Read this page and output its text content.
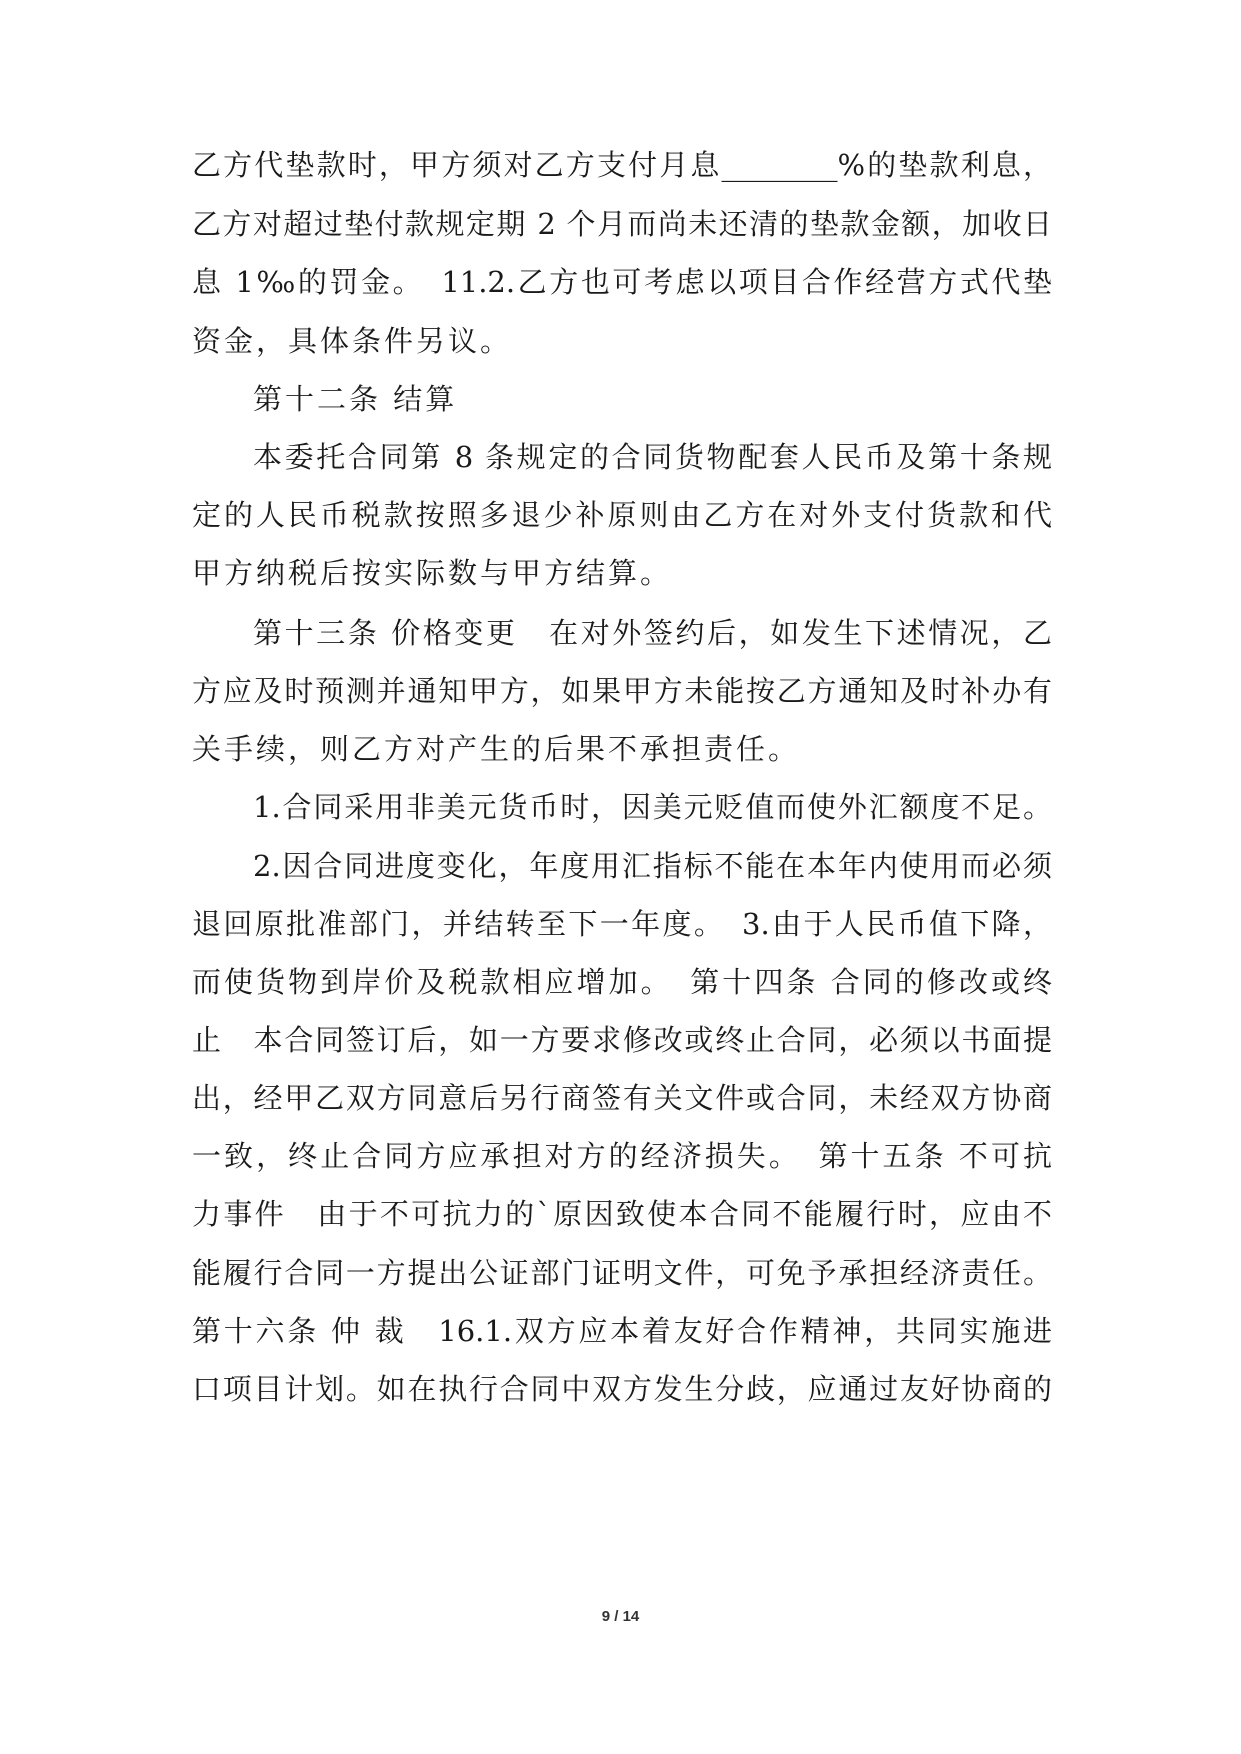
乙方代垫款时，甲方须对乙方支付月息________%的垫款利息，
乙方对超过垫付款规定期 2 个月而尚未还清的垫款金额，加收日
息 1‰的罚金。　11.2.乙方也可考虑以项目合作经营方式代垫
资金，具体条件另议。
第十二条 结算
本委托合同第 8 条规定的合同货物配套人民币及第十条规
定的人民币税款按照多退少补原则由乙方在对外支付货款和代
甲方纳税后按实际数与甲方结算。
第十三条 价格变更　在对外签约后，如发生下述情况，乙
方应及时预测并通知甲方，如果甲方未能按乙方通知及时补办有
关手续，则乙方对产生的后果不承担责任。
1.合同采用非美元货币时，因美元贬值而使外汇额度不足。
2.因合同进度变化，年度用汇指标不能在本年内使用而必须
退回原批准部门，并结转至下一年度。　3.由于人民币值下降，
而使货物到岸价及税款相应增加。　第十四条 合同的修改或终
止　本合同签订后，如一方要求修改或终止合同，必须以书面提
出，经甲乙双方同意后另行商签有关文件或合同，未经双方协商
一致，终止合同方应承担对方的经济损失。　第十五条 不可抗
力事件　由于不可抗力的`原因致使本合同不能履行时，应由不
能履行合同一方提出公证部门证明文件，可免予承担经济责任。
第十六条 仲 裁　16.1.双方应本着友好合作精神，共同实施进
口项目计划。如在执行合同中双方发生分歧，应通过友好协商的
9 / 14
